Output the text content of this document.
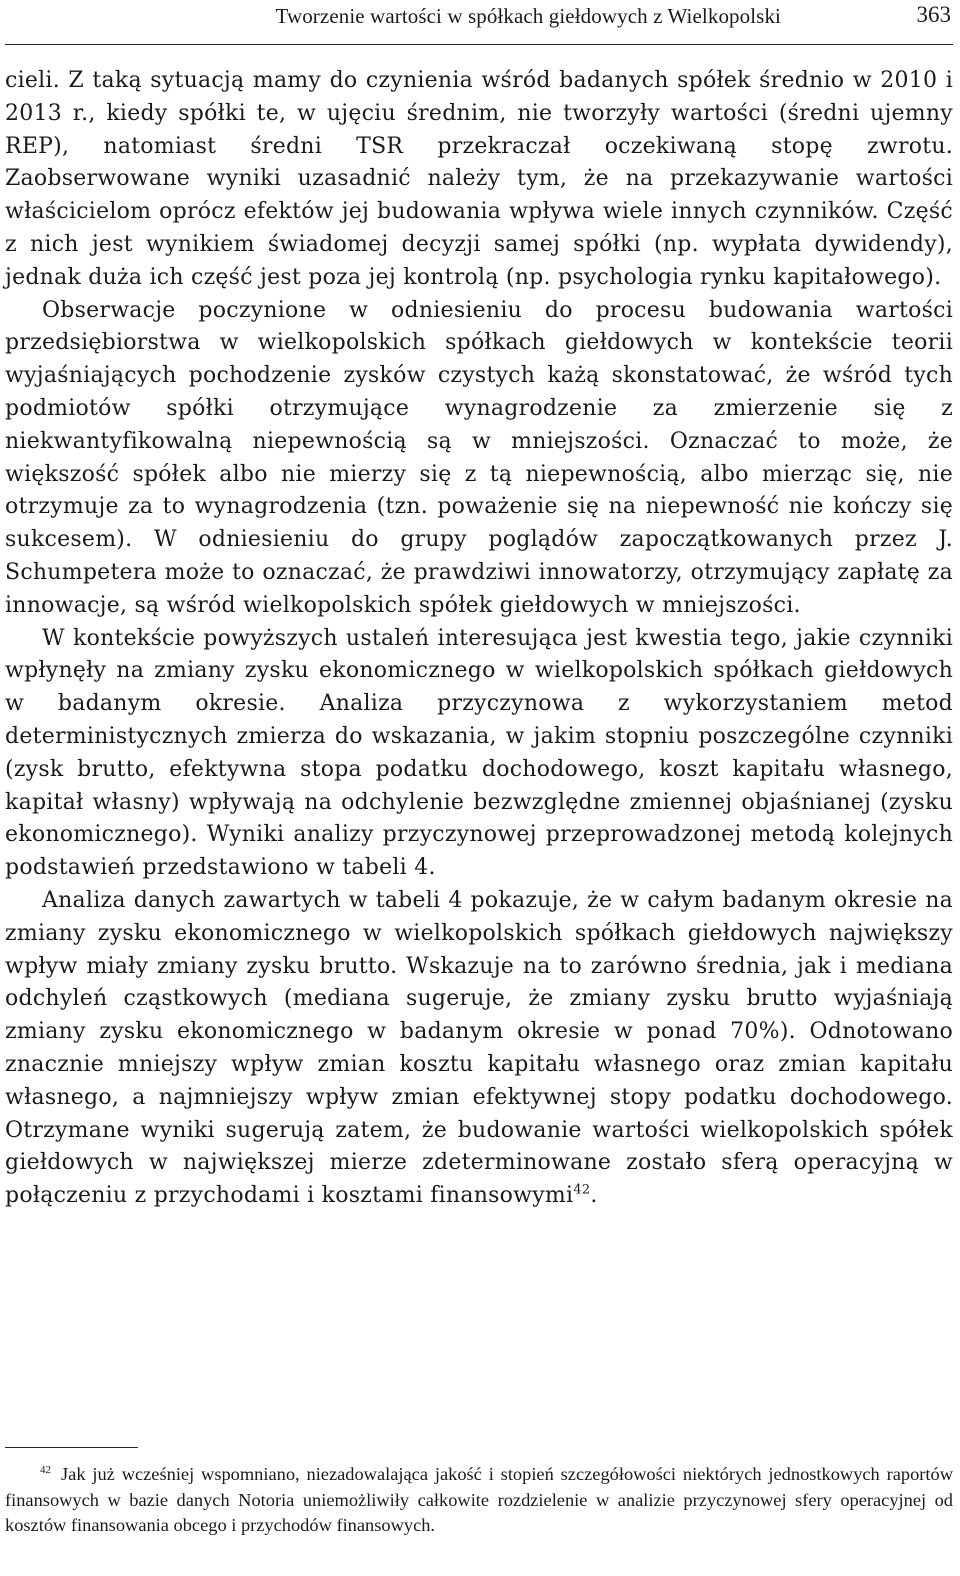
Tworzenie wartości w spółkach giełdowych z Wielkopolski	363

cieli. Z taką sytuacją mamy do czynienia wśród badanych spółek średnio w 2010 i 2013 r., kiedy spółki te, w ujęciu średnim, nie tworzyły wartości (średni ujemny REP), natomiast średni TSR przekraczał oczekiwaną stopę zwrotu. Zaobserwowane wyniki uzasadnić należy tym, że na przekazywanie wartości właścicielom oprócz efektów jej budowania wpływa wiele innych czynników. Część z nich jest wynikiem świadomej decyzji samej spółki (np. wypłata dywidendy), jednak duża ich część jest poza jej kontrolą (np. psychologia rynku kapitałowego).

Obserwacje poczynione w odniesieniu do procesu budowania wartości przedsiębiorstwa w wielkopolskich spółkach giełdowych w kontekście teorii wyjaśniających pochodzenie zysków czystych każą skonstatować, że wśród tych podmiotów spółki otrzymujące wynagrodzenie za zmierzenie się z niekwantyfikowalną niepewnością są w mniejszości. Oznaczać to może, że większość spółek albo nie mierzy się z tą niepewnością, albo mierząc się, nie otrzymuje za to wynagrodzenia (tzn. poważenie się na niepewność nie kończy się sukcesem). W odniesieniu do grupy poglądów zapoczątkowanych przez J. Schumpetera może to oznaczać, że prawdziwi innowatorzy, otrzymujący zapłatę za innowacje, są wśród wielkopolskich spółek giełdowych w mniejszości.

W kontekście powyższych ustaleń interesująca jest kwestia tego, jakie czynniki wpłynęły na zmiany zysku ekonomicznego w wielkopolskich spółkach giełdowych w badanym okresie. Analiza przyczynowa z wykorzystaniem metod deterministycznych zmierza do wskazania, w jakim stopniu poszczególne czynniki (zysk brutto, efektywna stopa podatku dochodowego, koszt kapitału własnego, kapitał własny) wpływają na odchylenie bezwzględne zmiennej objaśnianej (zysku ekonomicznego). Wyniki analizy przyczynowej przeprowadzonej metodą kolejnych podstawień przedstawiono w tabeli 4.

Analiza danych zawartych w tabeli 4 pokazuje, że w całym badanym okresie na zmiany zysku ekonomicznego w wielkopolskich spółkach giełdowych największy wpływ miały zmiany zysku brutto. Wskazuje na to zarówno średnia, jak i mediana odchyleń cząstkowych (mediana sugeruje, że zmiany zysku brutto wyjaśniają zmiany zysku ekonomicznego w badanym okresie w ponad 70%). Odnotowano znacznie mniejszy wpływ zmian kosztu kapitału własnego oraz zmian kapitału własnego, a najmniejszy wpływ zmian efektywnej stopy podatku dochodowego. Otrzymane wyniki sugerują zatem, że budowanie wartości wielkopolskich spółek giełdowych w największej mierze zdeterminowane zostało sferą operacyjną w połączeniu z przychodami i kosztami finansowymi$^{42}$.

$^{42}$ Jak już wcześniej wspomniano, niezadowalająca jakość i stopień szczegółowości niektórych jednostkowych raportów finansowych w bazie danych Notoria uniemożliwiły całkowite rozdzielenie w analizie przyczynowej sfery operacyjnej od kosztów finansowania obcego i przychodów finansowych.
